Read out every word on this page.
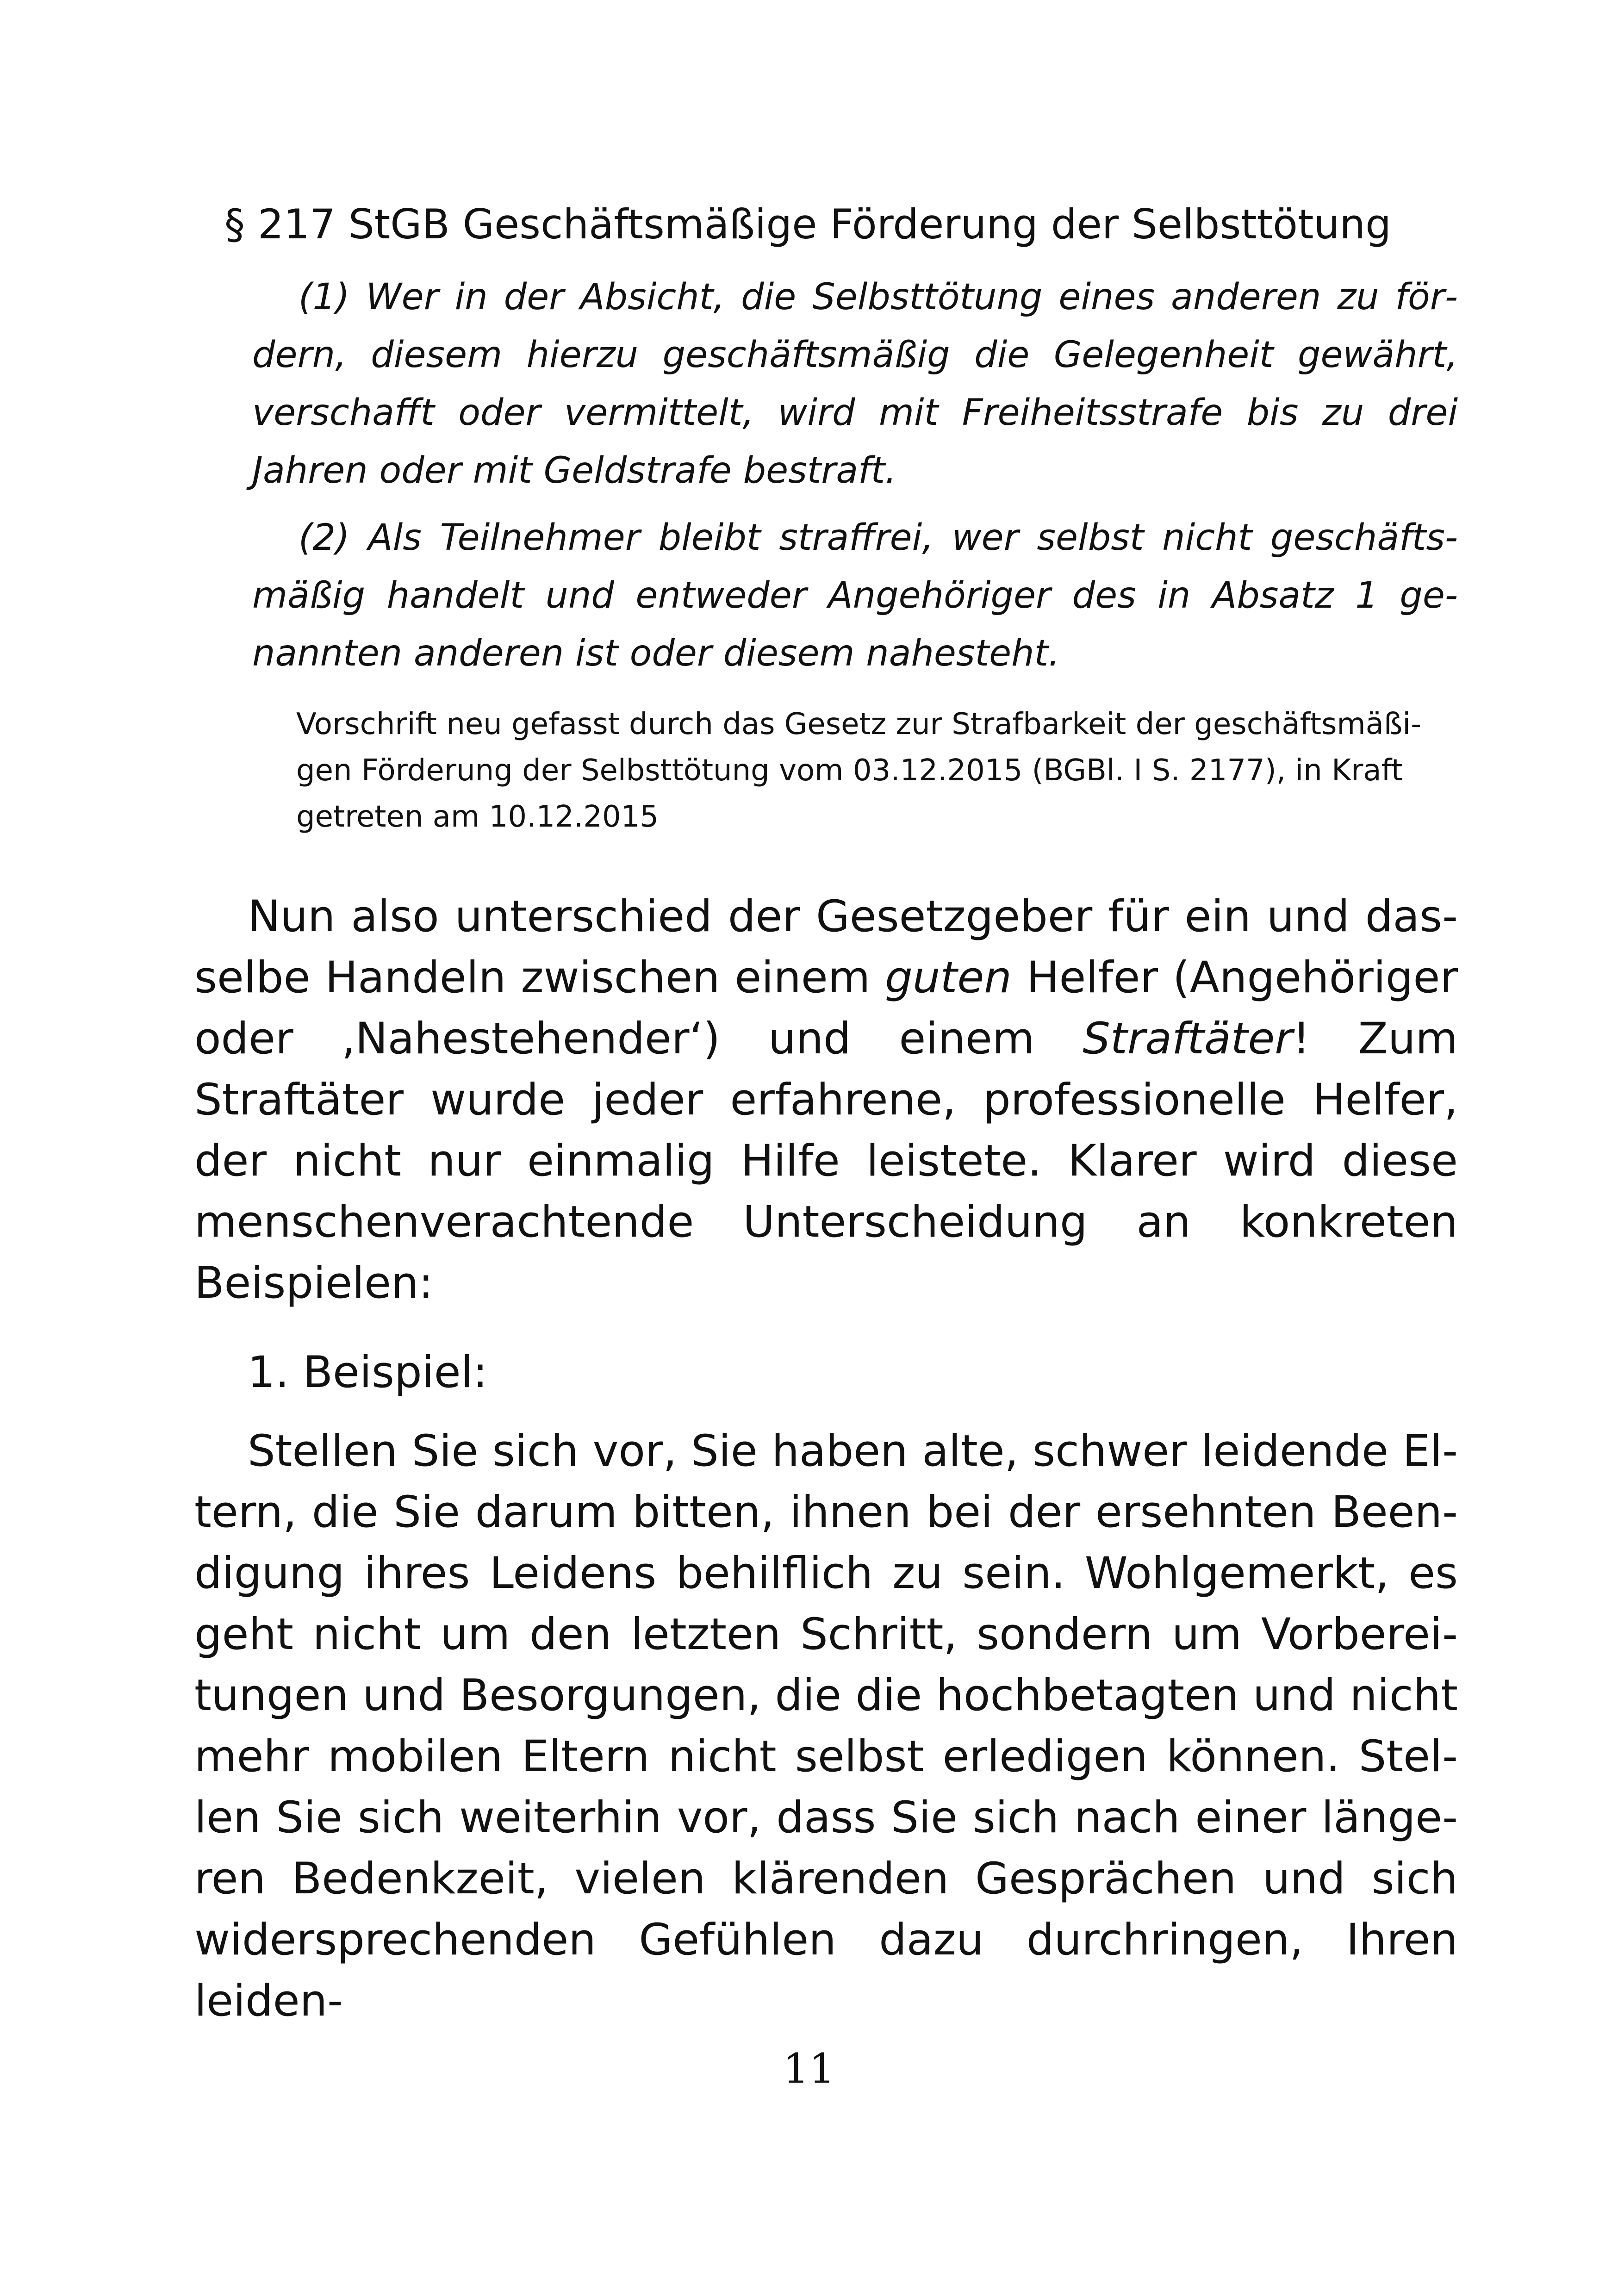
§ 217 StGB Geschäftsmäßige Förderung der Selbsttötung

(1) Wer in der Absicht, die Selbsttötung eines anderen zu fördern, diesem hierzu geschäftsmäßig die Gelegenheit gewährt, verschafft oder vermittelt, wird mit Freiheitsstrafe bis zu drei Jahren oder mit Geldstrafe bestraft.

(2) Als Teilnehmer bleibt straffrei, wer selbst nicht geschäftsmäßig handelt und entweder Angehöriger des in Absatz 1 genannten anderen ist oder diesem nahesteht.

Vorschrift neu gefasst durch das Gesetz zur Strafbarkeit der geschäftsmäßigen Förderung der Selbsttötung vom 03.12.2015 (BGBl. I S. 2177), in Kraft getreten am 10.12.2015

Nun also unterschied der Gesetzgeber für ein und dasselbe Handeln zwischen einem guten Helfer (Angehöriger oder ‚Nahestehender‘) und einem Straftäter! Zum Straftäter wurde jeder erfahrene, professionelle Helfer, der nicht nur einmalig Hilfe leistete. Klarer wird diese menschenverachtende Unterscheidung an konkreten Beispielen:

1. Beispiel:

Stellen Sie sich vor, Sie haben alte, schwer leidende Eltern, die Sie darum bitten, ihnen bei der ersehnten Beendigung ihres Leidens behilflich zu sein. Wohlgemerkt, es geht nicht um den letzten Schritt, sondern um Vorbereitungen und Besorgungen, die die hochbetagten und nicht mehr mobilen Eltern nicht selbst erledigen können. Stellen Sie sich weiterhin vor, dass Sie sich nach einer längeren Bedenkzeit, vielen klärenden Gesprächen und sich widersprechenden Gefühlen dazu durchringen, Ihren leiden-

11
